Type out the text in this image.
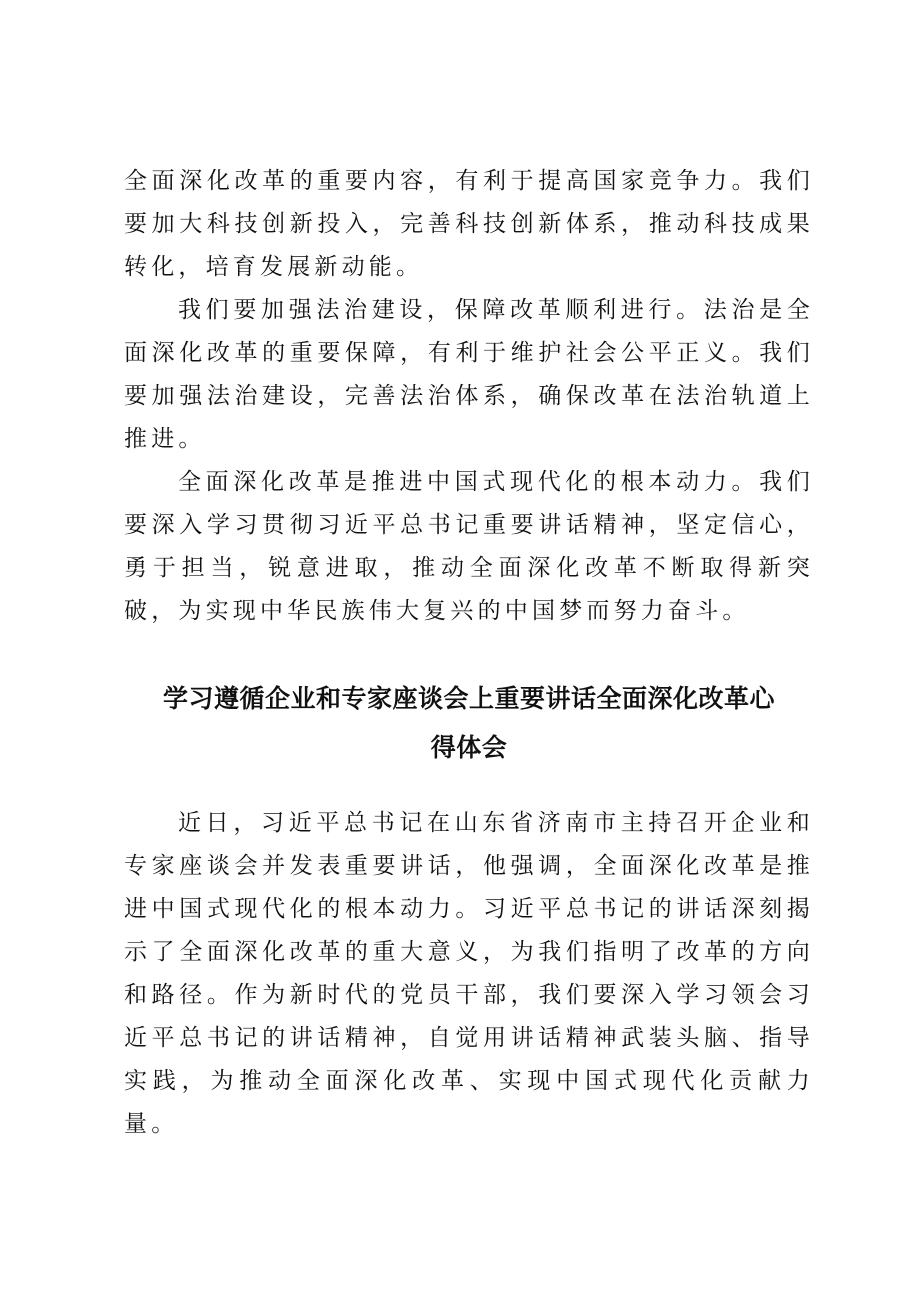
全面深化改革的重要内容，有利于提高国家竞争力。我们要加大科技创新投入，完善科技创新体系，推动科技成果转化，培育发展新动能。

我们要加强法治建设，保障改革顺利进行。法治是全面深化改革的重要保障，有利于维护社会公平正义。我们要加强法治建设，完善法治体系，确保改革在法治轨道上推进。

全面深化改革是推进中国式现代化的根本动力。我们要深入学习贯彻习近平总书记重要讲话精神，坚定信心，勇于担当，锐意进取，推动全面深化改革不断取得新突破，为实现中华民族伟大复兴的中国梦而努力奋斗。

学习遵循企业和专家座谈会上重要讲话全面深化改革心
得体会

近日，习近平总书记在山东省济南市主持召开企业和专家座谈会并发表重要讲话，他强调，全面深化改革是推进中国式现代化的根本动力。习近平总书记的讲话深刻揭示了全面深化改革的重大意义，为我们指明了改革的方向和路径。作为新时代的党员干部，我们要深入学习领会习近平总书记的讲话精神，自觉用讲话精神武装头脑、指导实践，为推动全面深化改革、实现中国式现代化贡献力量。
